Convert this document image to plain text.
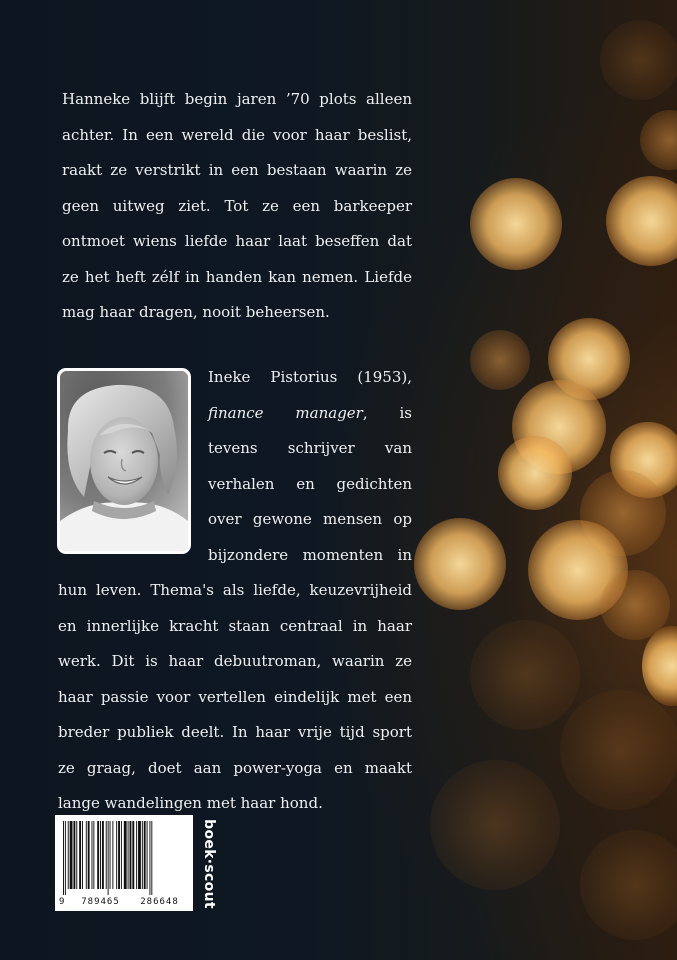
Hanneke blijft begin jaren ’70 plots alleen achter. In een wereld die voor haar beslist, raakt ze verstrikt in een bestaan waarin ze geen uitweg ziet. Tot ze een barkeeper ontmoet wiens liefde haar laat beseffen dat ze het heft zélf in handen kan nemen. Liefde mag haar dragen, nooit beheersen.

Ineke Pistorius (1953), finance manager, is tevens schrijver van verhalen en gedichten over gewone mensen op bijzondere momenten in hun leven. Thema's als liefde, keuzevrijheid en innerlijke kracht staan centraal in haar werk. Dit is haar debuutroman, waarin ze haar passie voor vertellen eindelijk met een breder publiek deelt. In haar vrije tijd sport ze graag, doet aan power-yoga en maakt lange wandelingen met haar hond.

9	789465	286648	boek·scout
